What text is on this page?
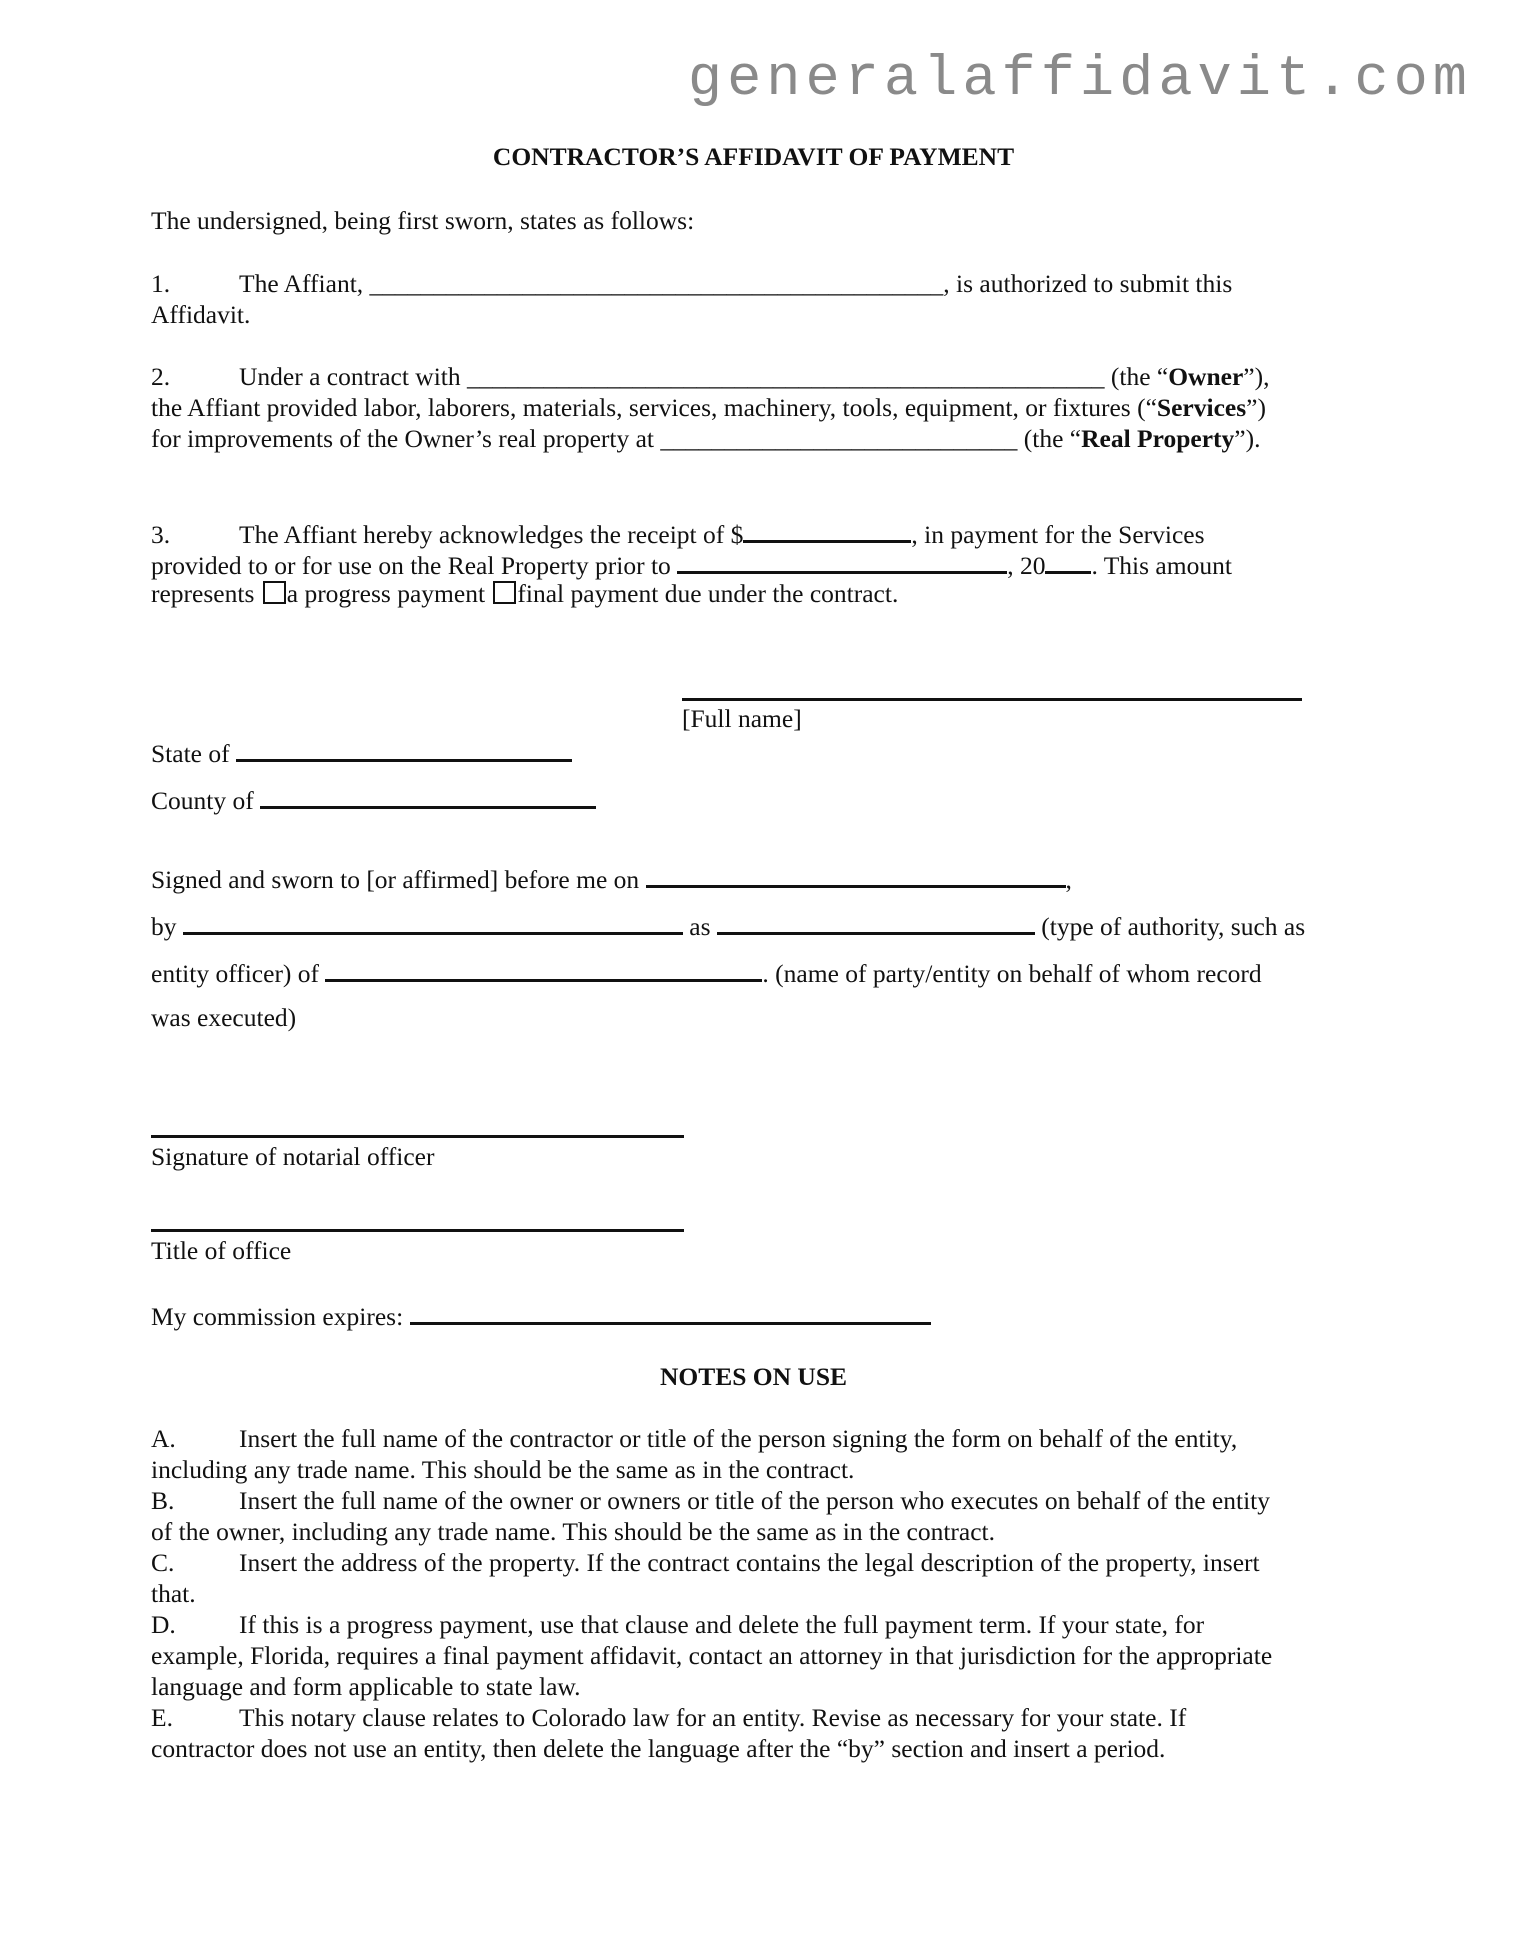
generalaffidavit.com
CONTRACTOR’S AFFIDAVIT OF PAYMENT
The undersigned, being first sworn, states as follows:
1.	The Affiant, _____________________________________________, is authorized to submit this
Affidavit.
2.	Under a contract with __________________________________________________ (the “Owner”),
the Affiant provided labor, laborers, materials, services, machinery, tools, equipment, or fixtures (“Services”)
for improvements of the Owner’s real property at ____________________________ (the “Real Property”).
3.	The Affiant hereby acknowledges the receipt of $	, in payment for the Services
provided to or for use on the Real Property prior to	, 20 . This amount
represents a progress payment final payment due under the contract.
[Full name]
State of
County of
Signed and sworn to [or affirmed] before me on	,
by	as	(type of authority, such as
entity officer) of	. (name of party/entity on behalf of whom record
was executed)
Signature of notarial officer
Title of office
My commission expires:
NOTES ON USE
A. Insert the full name of the contractor or title of the person signing the form on behalf of the entity,
including any trade name. This should be the same as in the contract.
B.	Insert the full name of the owner or owners or title of the person who executes on behalf of the entity
of the owner, including any trade name. This should be the same as in the contract.
C.	Insert the address of the property. If the contract contains the legal description of the property, insert
that.
D. If this is a progress payment, use that clause and delete the full payment term. If your state, for
example, Florida, requires a final payment affidavit, contact an attorney in that jurisdiction for the appropriate
language and form applicable to state law.
E.	This notary clause relates to Colorado law for an entity. Revise as necessary for your state. If
contractor does not use an entity, then delete the language after the “by” section and insert a period.
